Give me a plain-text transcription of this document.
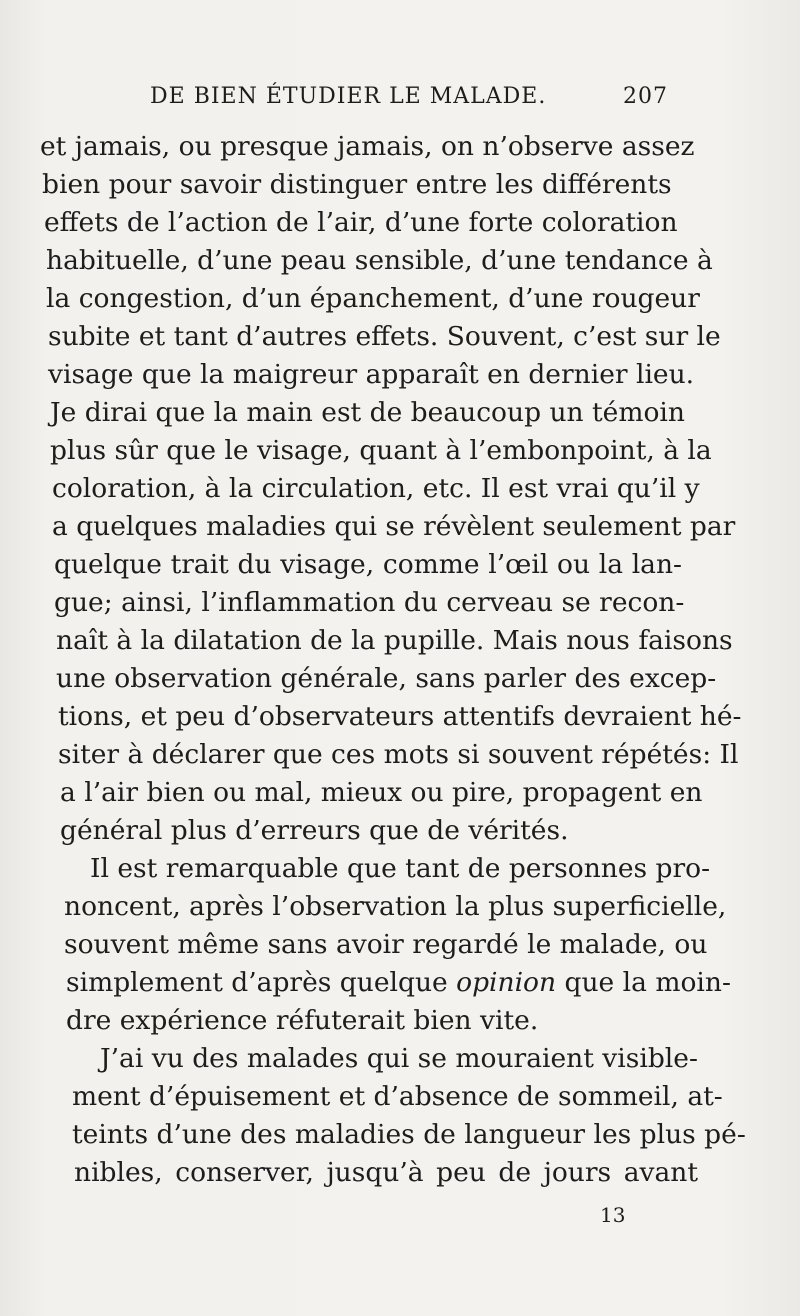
DE BIEN ÉTUDIER LE MALADE.	207
et jamais, ou presque jamais, on n’observe assez
bien pour savoir distinguer entre les différents
effets de l’action de l’air, d’une forte coloration
habituelle, d’une peau sensible, d’une tendance à
la congestion, d’un épanchement, d’une rougeur
subite et tant d’autres effets. Souvent, c’est sur le
visage que la maigreur apparaît en dernier lieu.
Je dirai que la main est de beaucoup un témoin
plus sûr que le visage, quant à l’embonpoint, à la
coloration, à la circulation, etc. Il est vrai qu’il y
a quelques maladies qui se révèlent seulement par
quelque trait du visage, comme l’œil ou la lan-
gue; ainsi, l’inflammation du cerveau se recon-
naît à la dilatation de la pupille. Mais nous faisons
une observation générale, sans parler des excep-
tions, et peu d’observateurs attentifs devraient hé-
siter à déclarer que ces mots si souvent répétés: Il
a l’air bien ou mal, mieux ou pire, propagent en
général plus d’erreurs que de vérités.
Il est remarquable que tant de personnes pro-
noncent, après l’observation la plus superficielle,
souvent même sans avoir regardé le malade, ou
simplement d’après quelque opinion que la moin-
dre expérience réfuterait bien vite.
J’ai vu des malades qui se mouraient visible-
ment d’épuisement et d’absence de sommeil, at-
teints d’une des maladies de langueur les plus pé-
nibles, conserver, jusqu’à peu de jours avant
13
